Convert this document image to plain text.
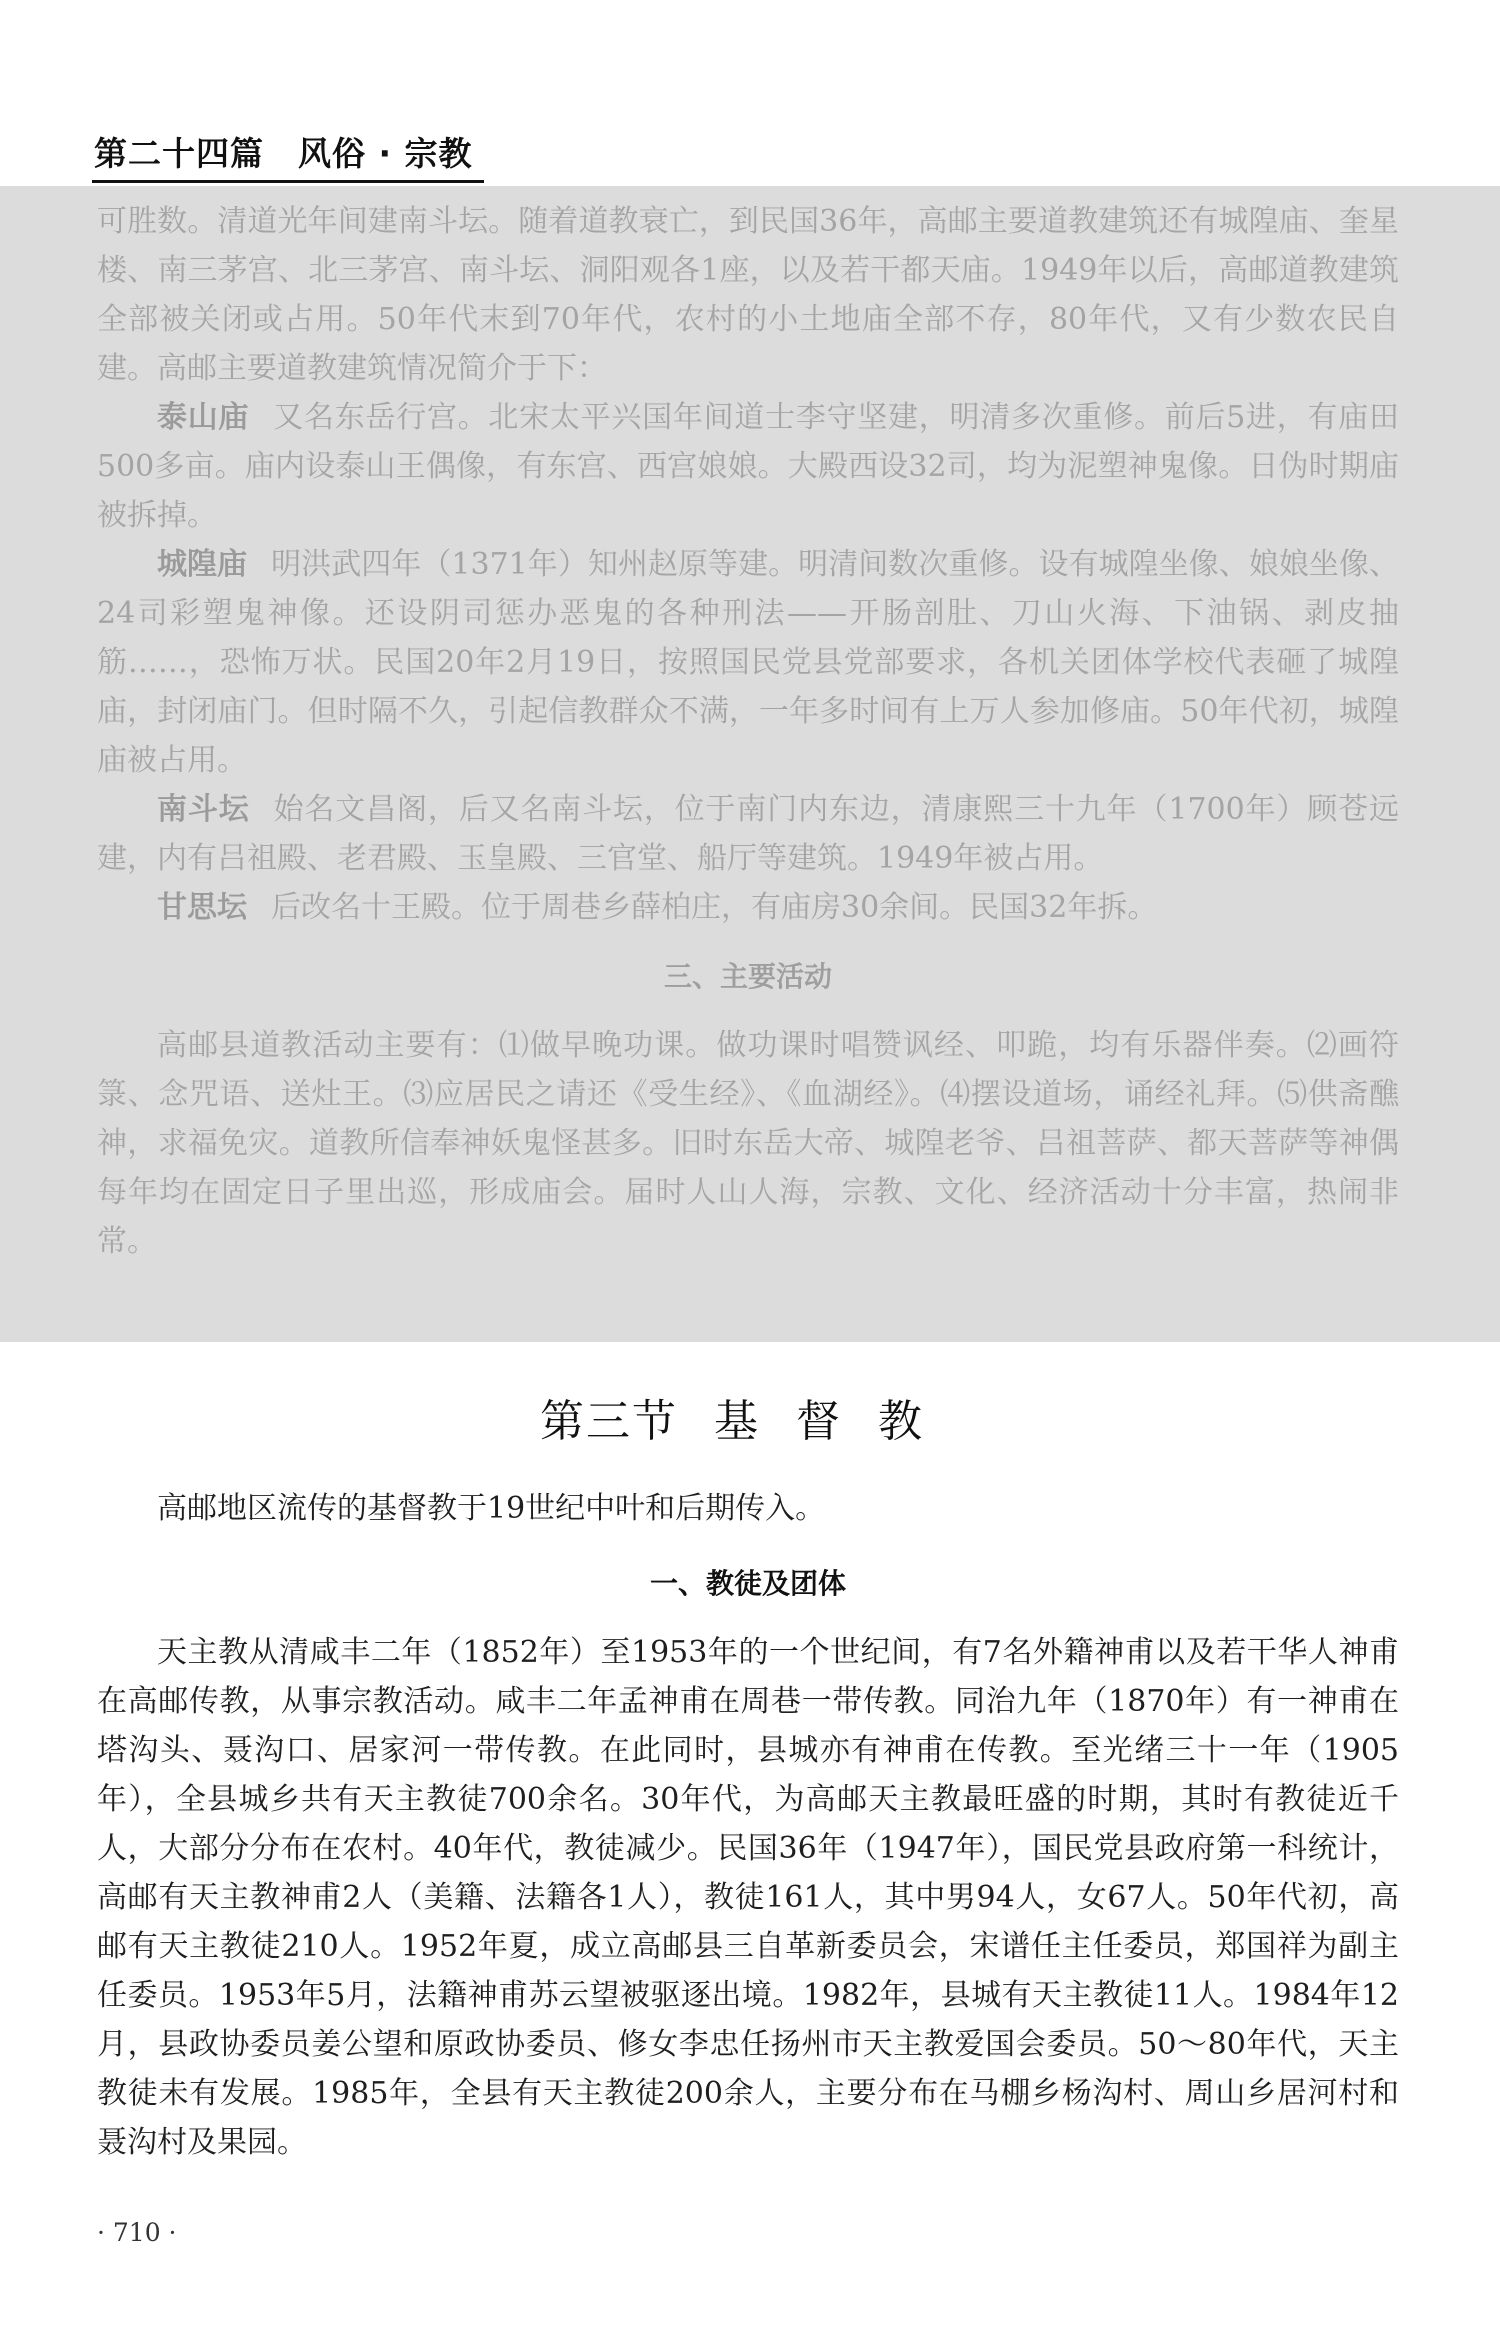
第二十四篇　风俗 · 宗教

可胜数。清道光年间建南斗坛。随着道教衰亡，到民国36年，高邮主要道教建筑还有城隍庙、奎星楼、南三茅宫、北三茅宫、南斗坛、洞阳观各1座，以及若干都天庙。1949年以后，高邮道教建筑全部被关闭或占用。50年代末到70年代，农村的小土地庙全部不存，80年代，又有少数农民自建。高邮主要道教建筑情况简介于下：

泰山庙 又名东岳行宫。北宋太平兴国年间道士李守坚建，明清多次重修。前后5进，有庙田500多亩。庙内设泰山王偶像，有东宫、西宫娘娘。大殿西设32司，均为泥塑神鬼像。日伪时期庙被拆掉。

城隍庙 明洪武四年（1371年）知州赵原等建。明清间数次重修。设有城隍坐像、娘娘坐像、24司彩塑鬼神像。还设阴司惩办恶鬼的各种刑法——开肠剖肚、刀山火海、下油锅、剥皮抽筋……，恐怖万状。民国20年2月19日，按照国民党县党部要求，各机关团体学校代表砸了城隍庙，封闭庙门。但时隔不久，引起信教群众不满，一年多时间有上万人参加修庙。50年代初，城隍庙被占用。

南斗坛 始名文昌阁，后又名南斗坛，位于南门内东边，清康熙三十九年（1700年）顾苍远建，内有吕祖殿、老君殿、玉皇殿、三官堂、船厅等建筑。1949年被占用。

甘思坛 后改名十王殿。位于周巷乡薛柏庄，有庙房30余间。民国32年拆。

三、主要活动

高邮县道教活动主要有：⑴做早晚功课。做功课时唱赞讽经、叩跪，均有乐器伴奏。⑵画符箓、念咒语、送灶王。⑶应居民之请还《受生经》、《血湖经》。⑷摆设道场，诵经礼拜。⑸供斋醮神，求福免灾。道教所信奉神妖鬼怪甚多。旧时东岳大帝、城隍老爷、吕祖菩萨、都天菩萨等神偶每年均在固定日子里出巡，形成庙会。届时人山人海，宗教、文化、经济活动十分丰富，热闹非常。

第三节 基督教

高邮地区流传的基督教于19世纪中叶和后期传入。

一、教徒及团体

天主教从清咸丰二年（1852年）至1953年的一个世纪间，有7名外籍神甫以及若干华人神甫在高邮传教，从事宗教活动。咸丰二年孟神甫在周巷一带传教。同治九年（1870年）有一神甫在塔沟头、聂沟口、居家河一带传教。在此同时，县城亦有神甫在传教。至光绪三十一年（1905年），全县城乡共有天主教徒700余名。30年代，为高邮天主教最旺盛的时期，其时有教徒近千人，大部分分布在农村。40年代，教徒减少。民国36年（1947年），国民党县政府第一科统计，高邮有天主教神甫2人（美籍、法籍各1人），教徒161人，其中男94人，女67人。50年代初，高邮有天主教徒210人。1952年夏，成立高邮县三自革新委员会，宋谱任主任委员，郑国祥为副主任委员。1953年5月，法籍神甫苏云望被驱逐出境。1982年，县城有天主教徒11人。1984年12月，县政协委员姜公望和原政协委员、修女李忠任扬州市天主教爱国会委员。50～80年代，天主教徒未有发展。1985年，全县有天主教徒200余人，主要分布在马棚乡杨沟村、周山乡居河村和聂沟村及果园。

· 710 ·
